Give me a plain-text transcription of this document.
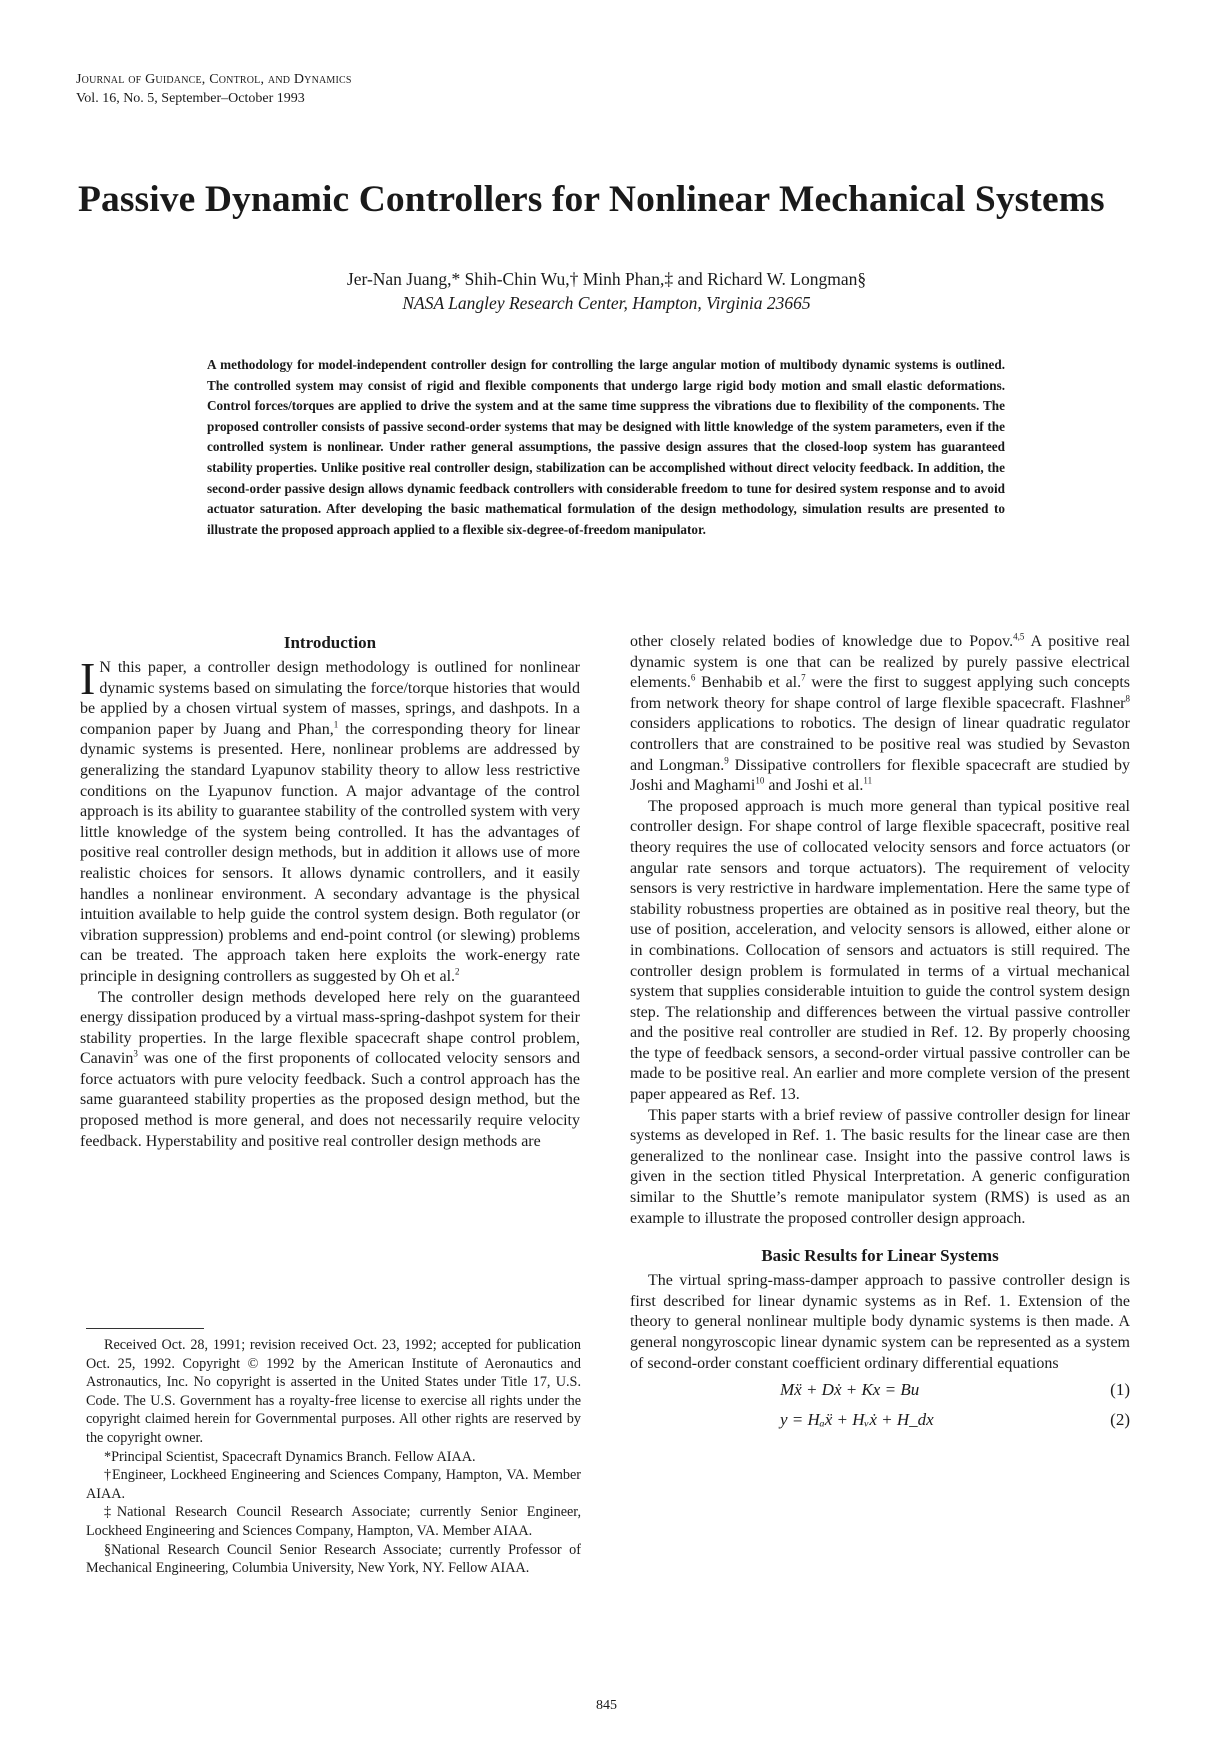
Journal of Guidance, Control, and Dynamics
Vol. 16, No. 5, September–October 1993
Passive Dynamic Controllers for Nonlinear Mechanical Systems
Jer-Nan Juang,* Shih-Chin Wu,† Minh Phan,‡ and Richard W. Longman§
NASA Langley Research Center, Hampton, Virginia 23665

A methodology for model-independent controller design for controlling the large angular motion of multibody dynamic systems is outlined. The controlled system may consist of rigid and flexible components that undergo large rigid body motion and small elastic deformations. Control forces/torques are applied to drive the system and at the same time suppress the vibrations due to flexibility of the components. The proposed controller consists of passive second-order systems that may be designed with little knowledge of the system parameters, even if the controlled system is nonlinear. Under rather general assumptions, the passive design assures that the closed-loop system has guaranteed stability properties. Unlike positive real controller design, stabilization can be accomplished without direct velocity feedback. In addition, the second-order passive design allows dynamic feedback controllers with considerable freedom to tune for desired system response and to avoid actuator saturation. After developing the basic mathematical formulation of the design methodology, simulation results are presented to illustrate the proposed approach applied to a flexible six-degree-of-freedom manipulator.

Introduction

I N this paper, a controller design methodology is outlined for nonlinear dynamic systems based on simulating the force/torque histories that would be applied by a chosen virtual system of masses, springs, and dashpots. In a companion paper by Juang and Phan,$^1$ the corresponding theory for linear dynamic systems is presented. Here, nonlinear problems are addressed by generalizing the standard Lyapunov stability theory to allow less restrictive conditions on the Lyapunov function. A major advantage of the control approach is its ability to guarantee stability of the controlled system with very little knowledge of the system being controlled. It has the advantages of positive real controller design methods, but in addition it allows use of more realistic choices for sensors. It allows dynamic controllers, and it easily handles a nonlinear environment. A secondary advantage is the physical intuition available to help guide the control system design. Both regulator (or vibration suppression) problems and end-point control (or slewing) problems can be treated. The approach taken here exploits the work-energy rate principle in designing controllers as suggested by Oh et al.$^2$

The controller design methods developed here rely on the guaranteed energy dissipation produced by a virtual mass-spring-dashpot system for their stability properties. In the large flexible spacecraft shape control problem, Canavin$^3$ was one of the first proponents of collocated velocity sensors and force actuators with pure velocity feedback. Such a control approach has the same guaranteed stability properties as the proposed design method, but the proposed method is more general, and does not necessarily require velocity feedback. Hyperstability and positive real controller design methods are

Received Oct. 28, 1991; revision received Oct. 23, 1992; accepted for publication Oct. 25, 1992. Copyright © 1992 by the American Institute of Aeronautics and Astronautics, Inc. No copyright is asserted in the United States under Title 17, U.S. Code. The U.S. Government has a royalty-free license to exercise all rights under the copyright claimed herein for Governmental purposes. All other rights are reserved by the copyright owner.

*Principal Scientist, Spacecraft Dynamics Branch. Fellow AIAA.

†Engineer, Lockheed Engineering and Sciences Company, Hampton, VA. Member AIAA.

‡National Research Council Research Associate; currently Senior Engineer, Lockheed Engineering and Sciences Company, Hampton, VA. Member AIAA.

§National Research Council Senior Research Associate; currently Professor of Mechanical Engineering, Columbia University, New York, NY. Fellow AIAA.

other closely related bodies of knowledge due to Popov.$^{4,5}$ A positive real dynamic system is one that can be realized by purely passive electrical elements.$^6$ Benhabib et al.$^7$ were the first to suggest applying such concepts from network theory for shape control of large flexible spacecraft. Flashner$^8$ considers applications to robotics. The design of linear quadratic regulator controllers that are constrained to be positive real was studied by Sevaston and Longman.$^9$ Dissipative controllers for flexible spacecraft are studied by Joshi and Maghami$^{10}$ and Joshi et al.$^{11}$

The proposed approach is much more general than typical positive real controller design. For shape control of large flexible spacecraft, positive real theory requires the use of collocated velocity sensors and force actuators (or angular rate sensors and torque actuators). The requirement of velocity sensors is very restrictive in hardware implementation. Here the same type of stability robustness properties are obtained as in positive real theory, but the use of position, acceleration, and velocity sensors is allowed, either alone or in combinations. Collocation of sensors and actuators is still required. The controller design problem is formulated in terms of a virtual mechanical system that supplies considerable intuition to guide the control system design step. The relationship and differences between the virtual passive controller and the positive real controller are studied in Ref. 12. By properly choosing the type of feedback sensors, a second-order virtual passive controller can be made to be positive real. An earlier and more complete version of the present paper appeared as Ref. 13.

This paper starts with a brief review of passive controller design for linear systems as developed in Ref. 1. The basic results for the linear case are then generalized to the nonlinear case. Insight into the passive control laws is given in the section titled Physical Interpretation. A generic configuration similar to the Shuttle’s remote manipulator system (RMS) is used as an example to illustrate the proposed controller design approach.

Basic Results for Linear Systems

The virtual spring-mass-damper approach to passive controller design is first described for linear dynamic systems as in Ref. 1. Extension of the theory to general nonlinear multiple body dynamic systems is then made. A general nongyroscopic linear dynamic system can be represented as a system of second-order constant coefficient ordinary differential equations

Mẍ + Dẋ + Kx = Bu	(1)
y = Hₐẍ + Hᵥẋ + H_dx	(2)
845
